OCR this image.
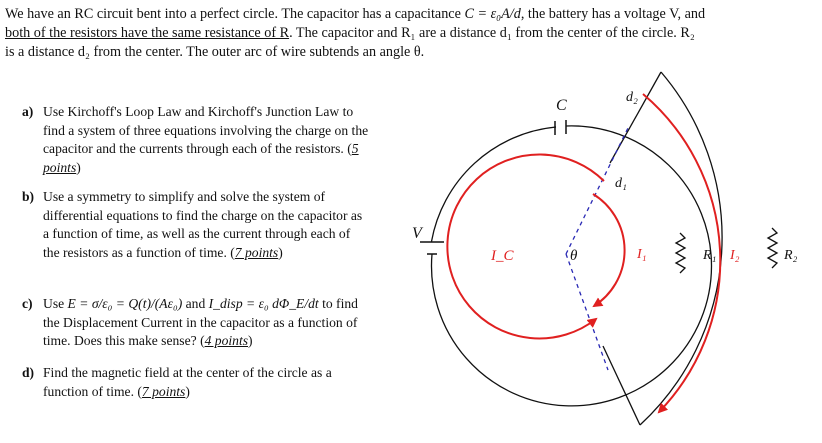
We have an RC circuit bent into a perfect circle. The capacitor has a capacitance C = ε₀A/d, the battery has a voltage V, and
both of the resistors have the same resistance of R. The capacitor and R₁ are a distance d₁ from the center of the circle. R₂
is a distance d₂ from the center. The outer arc of wire subtends an angle θ.
a) Use Kirchoff's Loop Law and Kirchoff's Junction Law to find a system of three equations involving the charge on the capacitor and the currents through each of the resistors. (5 points)
b) Use a symmetry to simplify and solve the system of differential equations to find the charge on the capacitor as a function of time, as well as the current through each of the resistors as a function of time. (7 points)
c) Use E = σ/ε₀ = Q(t)/(Aε₀) and I_disp = ε₀ dΦ_E/dt to find the Displacement Current in the capacitor as a function of time. Does this make sense? (4 points)
d) Find the magnetic field at the center of the circle as a function of time. (7 points)
C
V
d₁
d₂
θ
I_C	I₁	R₁ I₂	R₂
